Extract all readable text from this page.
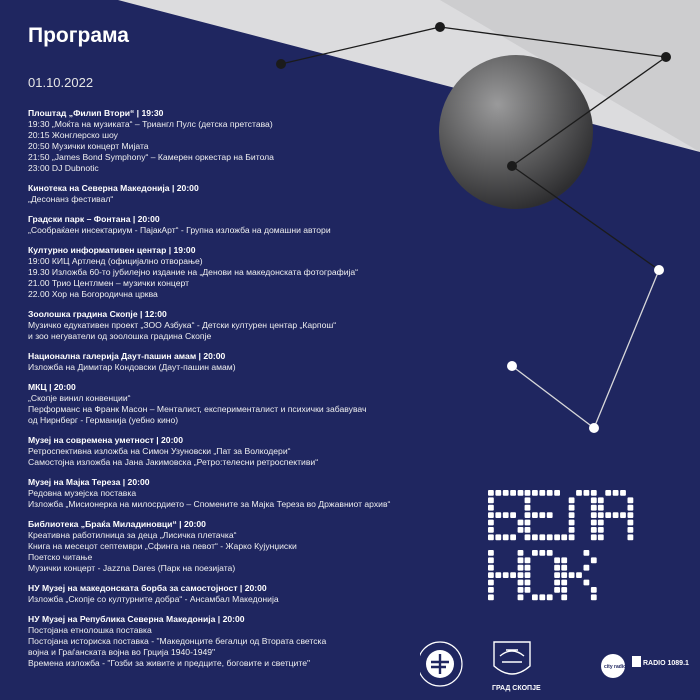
Програма
01.10.2022
Плоштад „Филип Втори“ | 19:30
19:30 „Моќта на музиката“ – Триангл Пулс (детска претстава)
20:15 Жонглерско шоу
20:50 Музички концерт Мијата
21:50 „James Bond Symphony“ – Камерен оркестар на Битола
23:00 DJ Dubnotic
Кинотека на Северна Македонија | 20:00
„Десонанз фестивал“
Градски парк – Фонтана | 20:00
„Сообраќаен инсектариум - ПајакАрт“ - Групна изложба на домашни автори
Културно информативен центар | 19:00
19:00 КИЦ Артленд (официјално отворање)
19.30 Изложба 60-то јубилејно издание на „Денови на македонската фотографија“
21.00 Трио Центлмен – музички концерт
22.00 Хор на Богородична црква
Зоолошка градина Скопје | 12:00
Музичко едукативен проект „ЗОО Азбука“ - Детски културен центар „Карпош“
и зоо негуватели од зоолошка градина Скопје
Национална галерија Даут-пашин амам | 20:00
Изложба на Димитар Кондовски (Даут-пашин амам)
МКЦ | 20:00
„Скопје винил конвенции“
Перформанс на Франк Масон – Менталист, експерименталист и психички забавувач
од Нирнберг - Германија (уебно кино)
Музеј на современа уметност | 20:00
Ретроспективна изложба на Симон Узуновски „Пат за Волкодери“
Самостојна изложба на Јана Јакимовска „Ретро:телесни ретроспективи“
Музеј на Мајка Тереза | 20:00
Редовна музејска поставка
Изложба „Мисионерка на милосрдието – Спомените за Мајка Тереза во Државниот архив“
Библиотека „Браќа Миладиновци“ | 20:00
Креативна работилница за деца „Лисичка плетачка“
Книга на месецот септември „Сфинга на певот“ - Жарко Кујунџиски
Поетско читање
Музички концерт - Jazzna Dares (Парк на поезијата)
НУ Музеј на македонската борба за самостојност | 20:00
Изложба „Скопје со културните добра“ - Ансамбал Македонија
НУ Музеј на Република Северна Македонија | 20:00
Постојана етнолошка поставка
Постојана историска поставка - "Македонците бегалци од Втората светска
војна и Граѓанската војна во Грција 1940-1949"
Времена изложба - "Гозби за живите и предците, боговите и светците"
ГРАД СКОПЈЕ
city radio RADIO 1089.1
